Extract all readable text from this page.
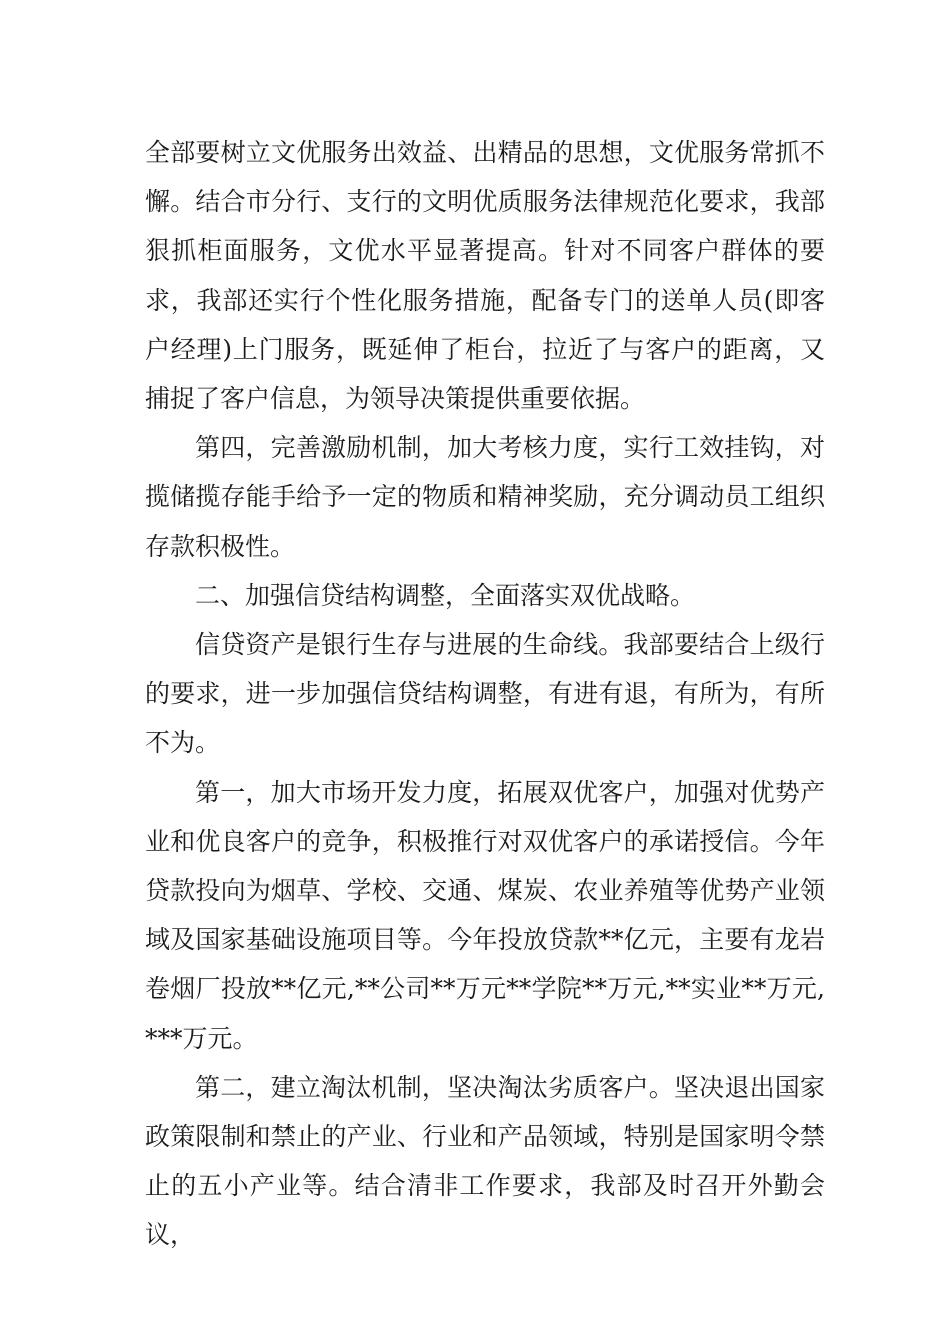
全部要树立文优服务出效益、出精品的思想，文优服务常抓不懈。结合市分行、支行的文明优质服务法律规范化要求，我部狠抓柜面服务，文优水平显著提高。针对不同客户群体的要求，我部还实行个性化服务措施，配备专门的送单人员(即客户经理)上门服务，既延伸了柜台，拉近了与客户的距离，又捕捉了客户信息，为领导决策提供重要依据。

第四，完善激励机制，加大考核力度，实行工效挂钩，对揽储揽存能手给予一定的物质和精神奖励，充分调动员工组织存款积极性。

二、加强信贷结构调整，全面落实双优战略。

信贷资产是银行生存与进展的生命线。我部要结合上级行的要求，进一步加强信贷结构调整，有进有退，有所为，有所不为。

第一，加大市场开发力度，拓展双优客户，加强对优势产业和优良客户的竞争，积极推行对双优客户的承诺授信。今年贷款投向为烟草、学校、交通、煤炭、农业养殖等优势产业领域及国家基础设施项目等。今年投放贷款**亿元，主要有龙岩卷烟厂投放**亿元,**公司**万元**学院**万元,**实业**万元,***万元。

第二，建立淘汰机制，坚决淘汰劣质客户。坚决退出国家政策限制和禁止的产业、行业和产品领域，特别是国家明令禁止的五小产业等。结合清非工作要求，我部及时召开外勤会议，
